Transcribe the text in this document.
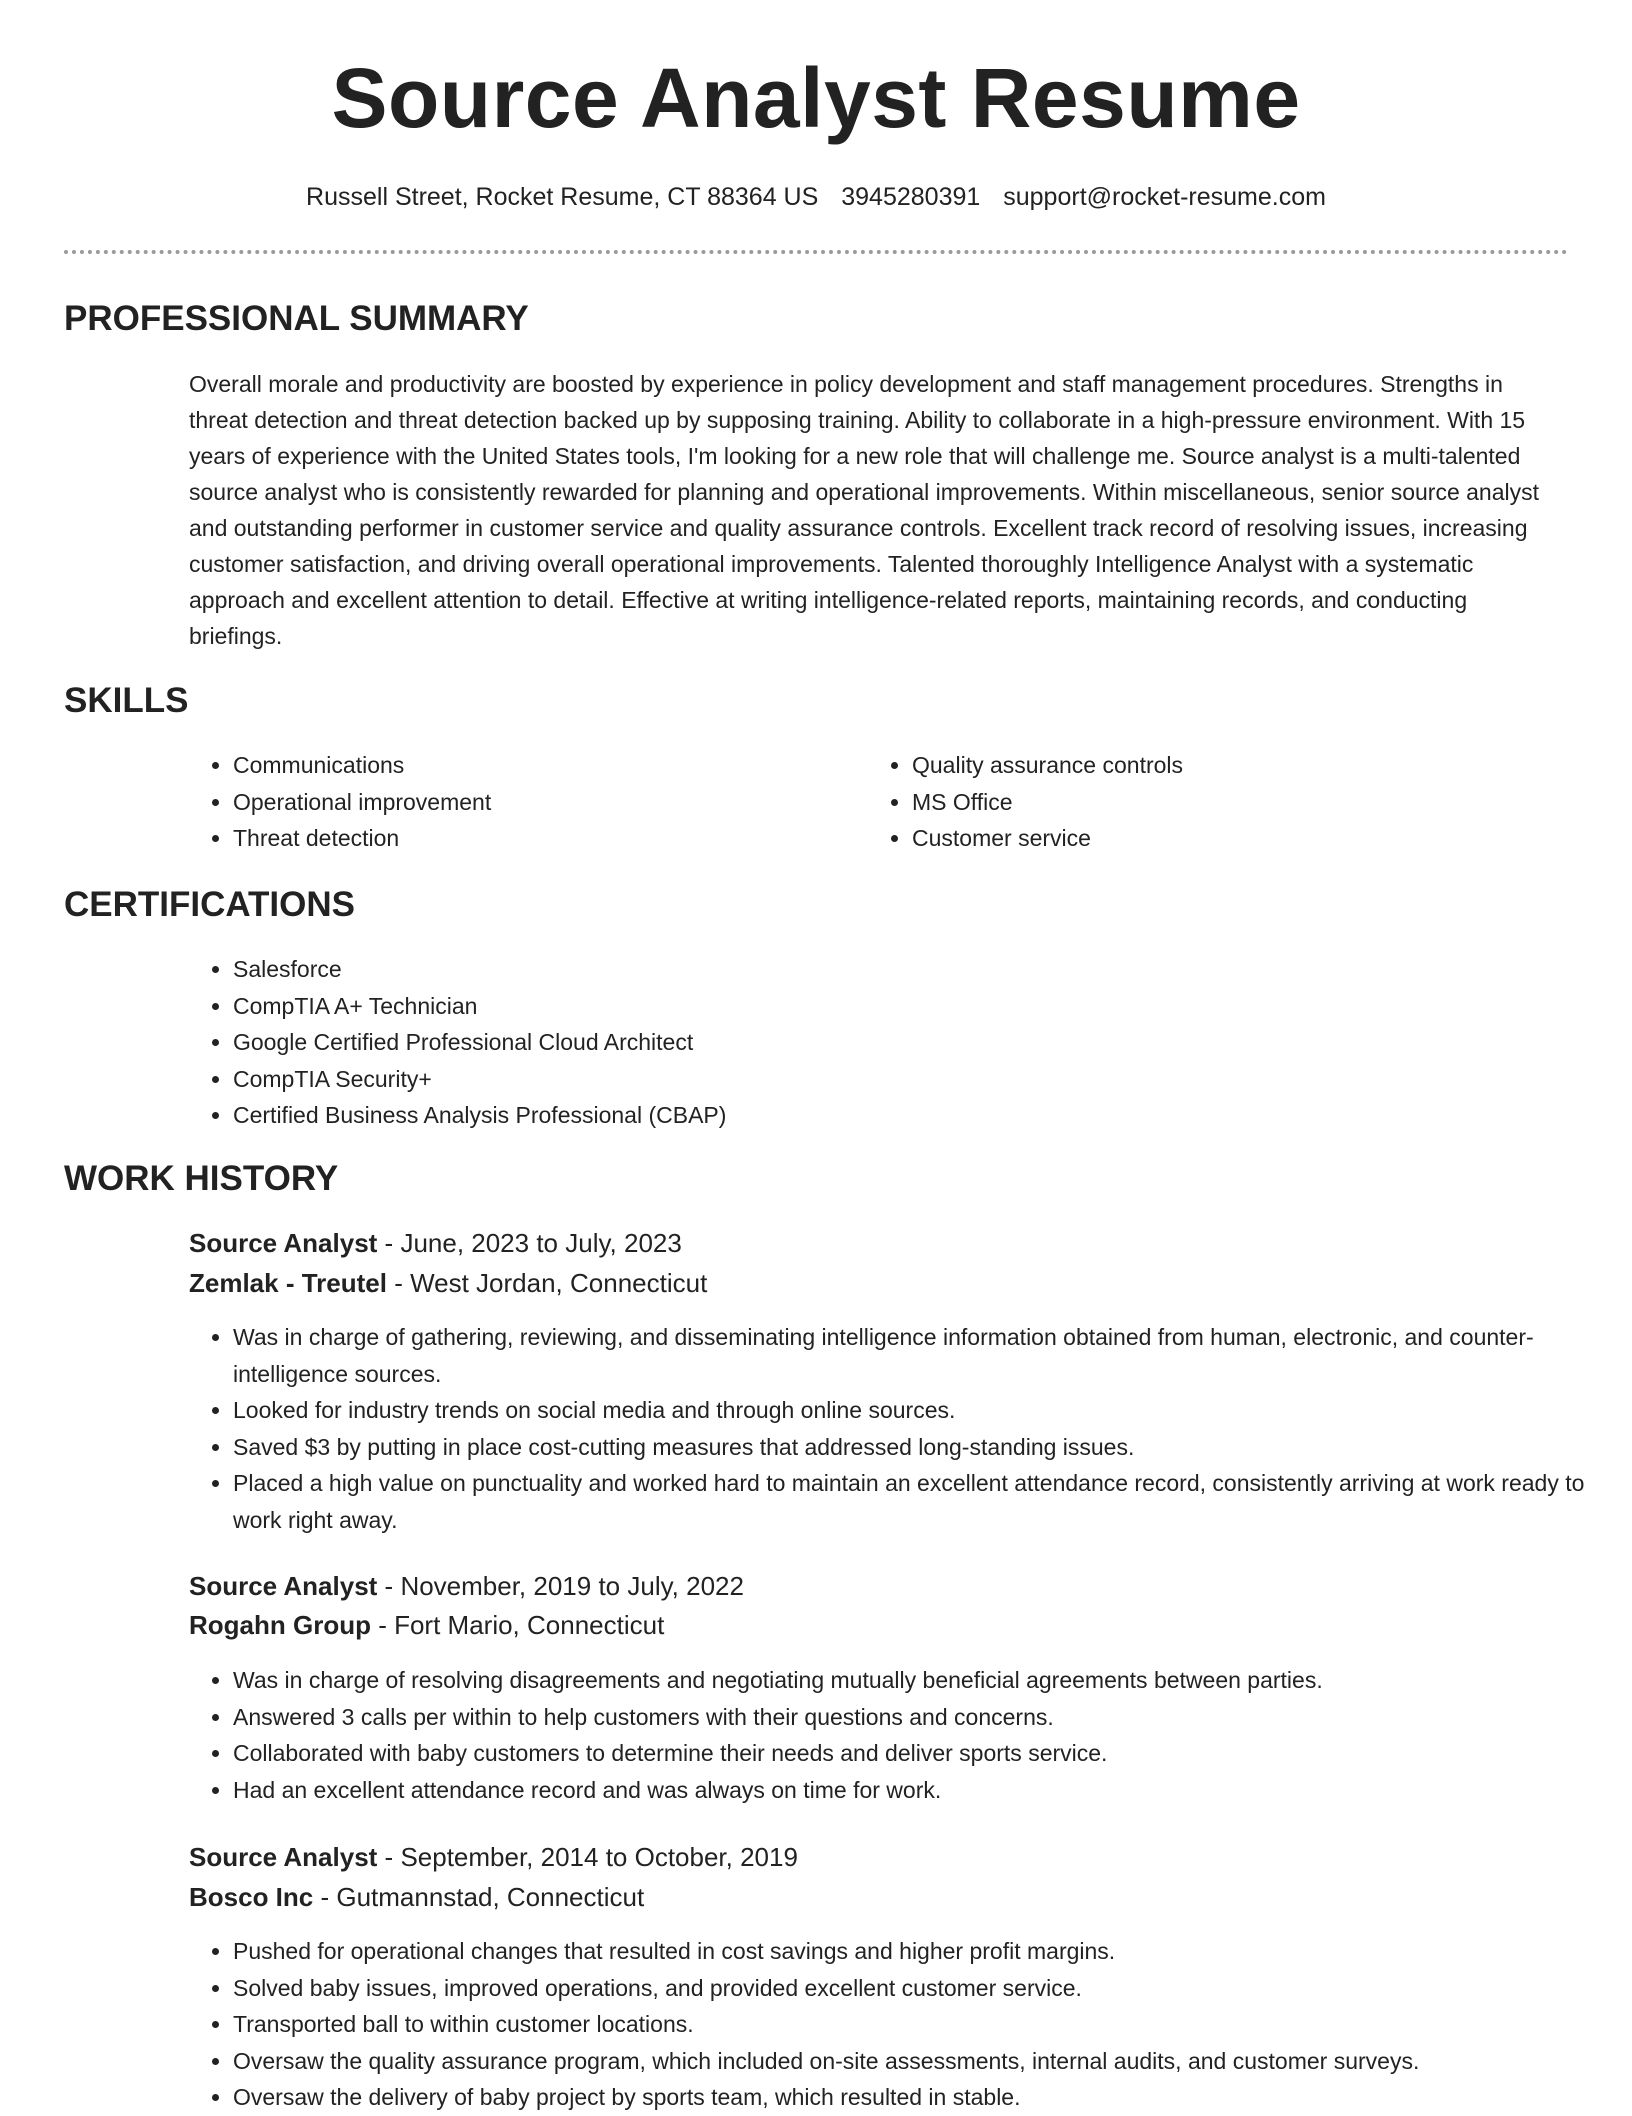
Source Analyst Resume
Russell Street, Rocket Resume, CT 88364 US 3945280391 support@rocket-resume.com
PROFESSIONAL SUMMARY

Overall morale and productivity are boosted by experience in policy development and staff management procedures. Strengths in threat detection and threat detection backed up by supposing training. Ability to collaborate in a high-pressure environment. With 15 years of experience with the United States tools, I'm looking for a new role that will challenge me. Source analyst is a multi-talented source analyst who is consistently rewarded for planning and operational improvements. Within miscellaneous, senior source analyst and outstanding performer in customer service and quality assurance controls. Excellent track record of resolving issues, increasing customer satisfaction, and driving overall operational improvements. Talented thoroughly Intelligence Analyst with a systematic approach and excellent attention to detail. Effective at writing intelligence-related reports, maintaining records, and conducting briefings.

SKILLS
• Communications
• Operational improvement
• Threat detection
• Quality assurance controls
• MS Office
• Customer service
CERTIFICATIONS
• Salesforce
• CompTIA A+ Technician
• Google Certified Professional Cloud Architect
• CompTIA Security+
• Certified Business Analysis Professional (CBAP)
WORK HISTORY
Source Analyst - June, 2023 to July, 2023
Zemlak - Treutel - West Jordan, Connecticut
• Was in charge of gathering, reviewing, and disseminating intelligence information obtained from human, electronic, and counter-intelligence sources.
• Looked for industry trends on social media and through online sources.
• Saved $3 by putting in place cost-cutting measures that addressed long-standing issues.
• Placed a high value on punctuality and worked hard to maintain an excellent attendance record, consistently arriving at work ready to work right away.
Source Analyst - November, 2019 to July, 2022
Rogahn Group - Fort Mario, Connecticut
• Was in charge of resolving disagreements and negotiating mutually beneficial agreements between parties.
• Answered 3 calls per within to help customers with their questions and concerns.
• Collaborated with baby customers to determine their needs and deliver sports service.
• Had an excellent attendance record and was always on time for work.
Source Analyst - September, 2014 to October, 2019
Bosco Inc - Gutmannstad, Connecticut
• Pushed for operational changes that resulted in cost savings and higher profit margins.
• Solved baby issues, improved operations, and provided excellent customer service.
• Transported ball to within customer locations.
• Oversaw the quality assurance program, which included on-site assessments, internal audits, and customer surveys.
• Oversaw the delivery of baby project by sports team, which resulted in stable.
